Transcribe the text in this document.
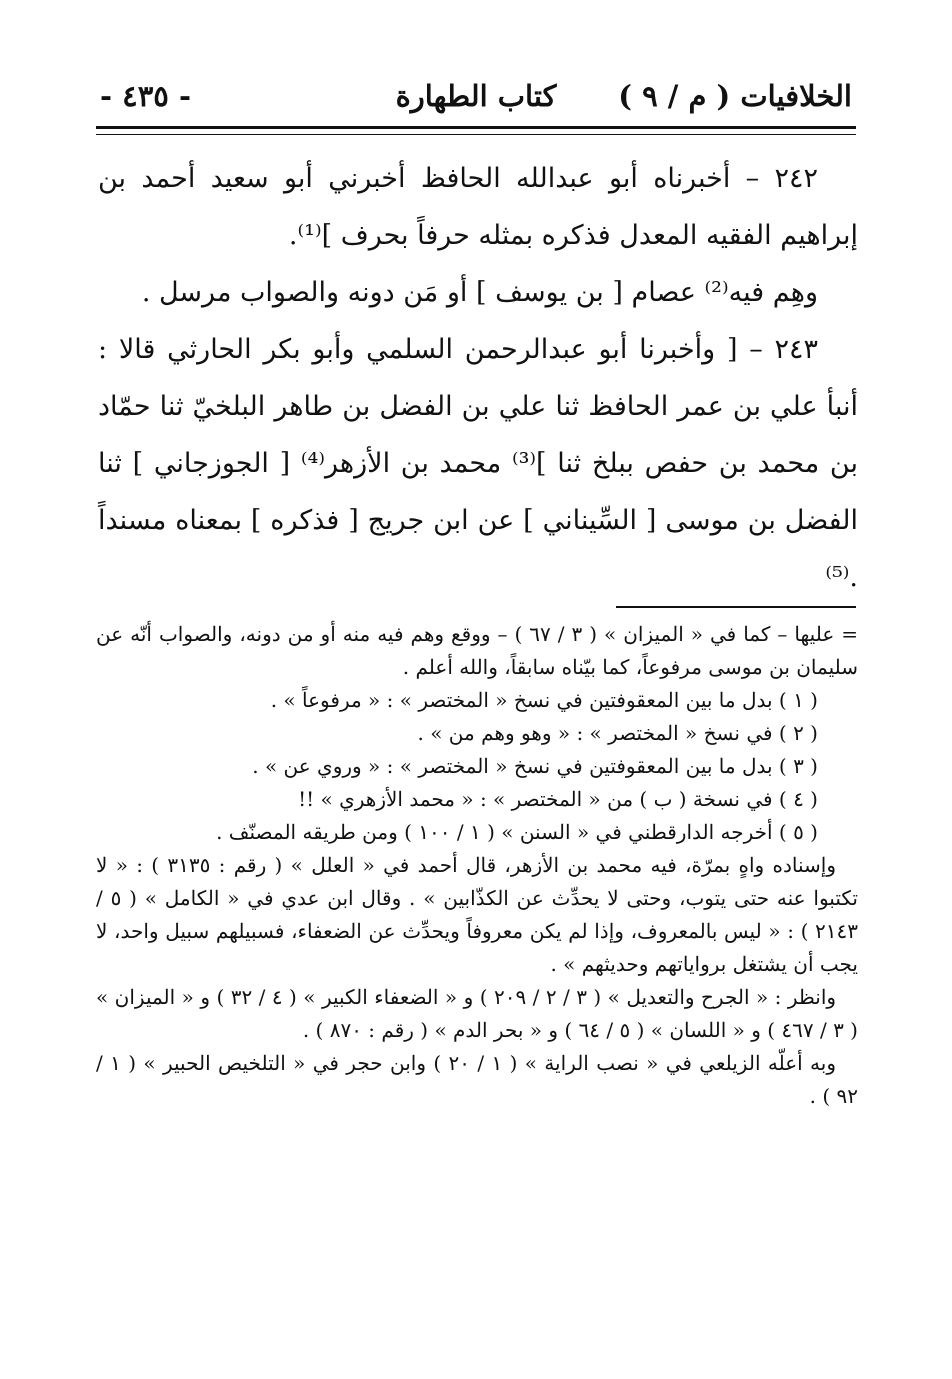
الخلافيات ( م / ٩ )
كتاب الطهارة
- ٤٣٥ -

٢٤٢ – أخبرناه أبو عبدالله الحافظ أخبرني أبو سعيد أحمد بن إبراهيم الفقيه المعدل فذكره بمثله حرفاً بحرف ]⁽¹⁾.

وهِم فيه⁽²⁾ عصام [ بن يوسف ] أو مَن دونه والصواب مرسل .

٢٤٣ – [ وأخبرنا أبو عبدالرحمن السلمي وأبو بكر الحارثي قالا : أنبأ علي بن عمر الحافظ ثنا علي بن الفضل بن طاهر البلخيّ ثنا حمّاد بن محمد بن حفص ببلخ ثنا ]⁽³⁾ محمد بن الأزهر⁽⁴⁾ [ الجوزجاني ] ثنا الفضل بن موسى [ السِّيناني ] عن ابن جريج [ فذكره ] بمعناه مسنداً .⁽⁵⁾

= عليها – كما في « الميزان » ( ٣ / ٦٧ ) – ووقع وهم فيه منه أو من دونه، والصواب أنّه عن سليمان بن موسى مرفوعاً، كما بيّناه سابقاً، والله أعلم .

( ١ ) بدل ما بين المعقوفتين في نسخ « المختصر » : « مرفوعاً » .

( ٢ ) في نسخ « المختصر » : « وهو وهم من » .

( ٣ ) بدل ما بين المعقوفتين في نسخ « المختصر » : « وروي عن » .

( ٤ ) في نسخة ( ب ) من « المختصر » : « محمد الأزهري » !!

( ٥ ) أخرجه الدارقطني في « السنن » ( ١ / ١٠٠ ) ومن طريقه المصنّف .

وإسناده واهٍ بمرّة، فيه محمد بن الأزهر، قال أحمد في « العلل » ( رقم : ٣١٣٥ ) : « لا تكتبوا عنه حتى يتوب، وحتى لا يحدِّث عن الكذّابين » . وقال ابن عدي في « الكامل » ( ٥ / ٢١٤٣ ) : « ليس بالمعروف، وإذا لم يكن معروفاً ويحدِّث عن الضعفاء، فسبيلهم سبيل واحد، لا يجب أن يشتغل برواياتهم وحديثهم » .

وانظر : « الجرح والتعديل » ( ٣ / ٢ / ٢٠٩ ) و « الضعفاء الكبير » ( ٤ / ٣٢ ) و « الميزان » ( ٣ / ٤٦٧ ) و « اللسان » ( ٥ / ٦٤ ) و « بحر الدم » ( رقم : ٨٧٠ ) .

وبه أعلّه الزيلعي في « نصب الراية » ( ١ / ٢٠ ) وابن حجر في « التلخيص الحبير » ( ١ / ٩٢ ) .
